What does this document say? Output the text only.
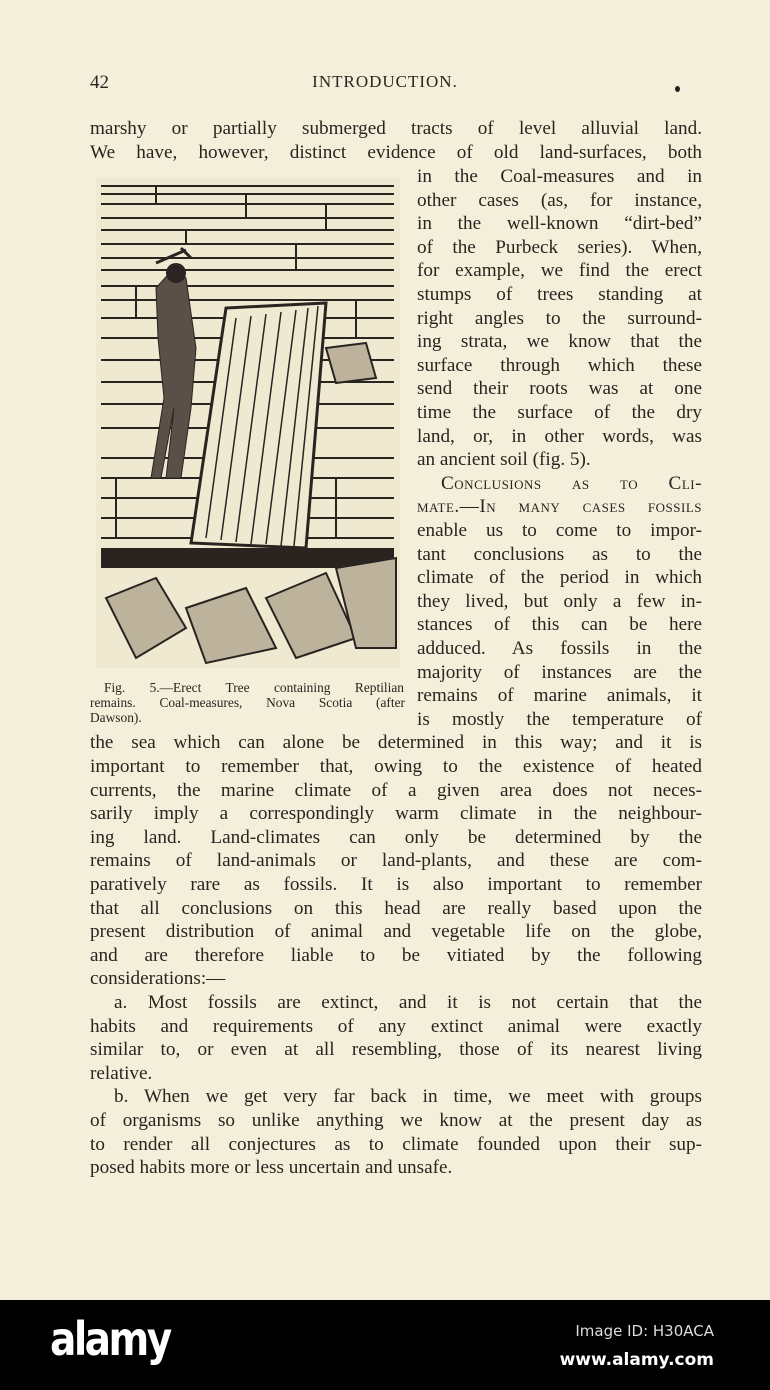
42	INTRODUCTION.
Fig. 5.—Erect Tree containing Reptilian
remains. Coal-measures, Nova Scotia (after
Dawson).
marshy or partially submerged tracts of level alluvial land.
We have, however, distinct evidence of old land-surfaces, both
in the Coal-measures and in
other cases (as, for instance,
in the well-known “dirt-bed”
of the Purbeck series). When,
for example, we find the erect
stumps of trees standing at
right angles to the surround-
ing strata, we know that the
surface through which these
send their roots was at one
time the surface of the dry
land, or, in other words, was
an ancient soil (fig. 5).
Conclusions as to Cli-
mate.—In many cases fossils
enable us to come to impor-
tant conclusions as to the
climate of the period in which
they lived, but only a few in-
stances of this can be here
adduced. As fossils in the
majority of instances are the
remains of marine animals, it
is mostly the temperature of
the sea which can alone be determined in this way; and it is
important to remember that, owing to the existence of heated
currents, the marine climate of a given area does not neces-
sarily imply a correspondingly warm climate in the neighbour-
ing land. Land-climates can only be determined by the
remains of land-animals or land-plants, and these are com-
paratively rare as fossils. It is also important to remember
that all conclusions on this head are really based upon the
present distribution of animal and vegetable life on the globe,
and are therefore liable to be vitiated by the following
considerations:—
a. Most fossils are extinct, and it is not certain that the
habits and requirements of any extinct animal were exactly
similar to, or even at all resembling, those of its nearest living
relative.
b. When we get very far back in time, we meet with groups
of organisms so unlike anything we know at the present day as
to render all conjectures as to climate founded upon their sup-
posed habits more or less uncertain and unsafe.
alamy	Image ID: H30ACA
www.alamy.com
